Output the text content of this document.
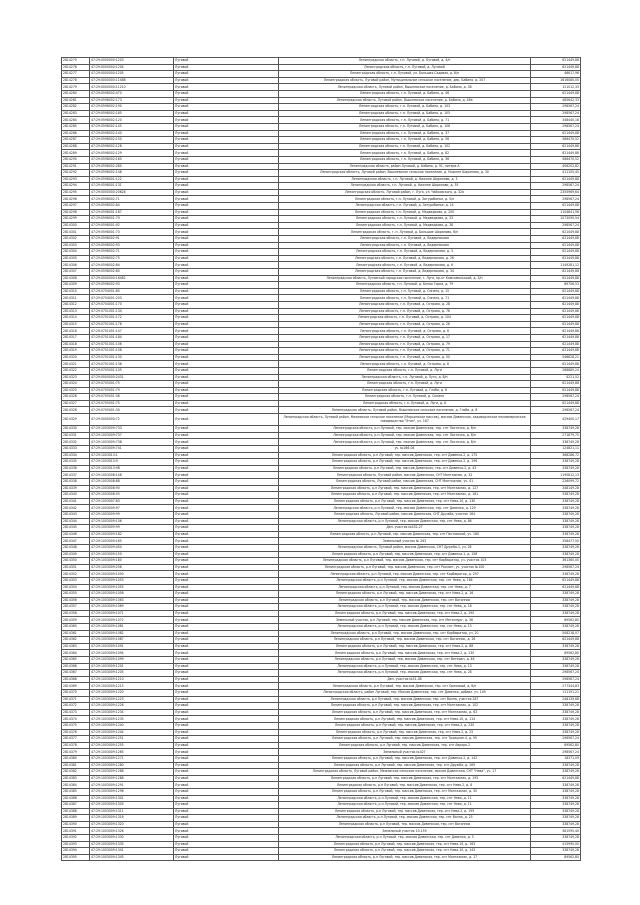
2814275	47:29:0000000:1203	Луговой	Ленинградская область, г.п. Луговой, д. Луговой, д. 4/н	621449,88
2814276	47:29:0000000:1204	Луговой	Ленинградская область, г.п. Луговой, д. Луговой	621449,88
2814277	47:29:0000000:1205	Луговой	Ленинградская область, г.п. Луговой, ул. Большая Садовая, д. б/н	46617,96
2814278	47:29:0000000:11488	Луговой	Ленинградская область, Луговой район, Муниципальное сельское поселение, дер. Бабино, д. 207	1616080,00
2814279	47:29:0000000:11210	Луговой	Ленинградская область, Луговой район, Вышневское поселение, д. Бабино, д. 38	121012,33
2814280	47:29:0598002:470	Луговой	Ленинградская область, г.п. Луговой, д. Бабино, д. 46	621449,88
2814281	47:29:0598002:173	Луговой	Ленинградская область, Луговой район, Вышневское поселение, д. Бабино, д. 48а	485642,33
2814282	47:29:0598002:190	Луговой	Ленинградская область, г.п. Луговой, д. Бабино, д. 103	298567,24
2814283	47:29:0598002:185	Луговой	Ленинградская область, г.п. Луговой, д. Бабино, д. 105	298567,24
2814284	47:29:0598002:120	Луговой	Ленинградская область, г.п. Луговой, д. Бабино, д. 71	348440,18
2814285	47:29:0598002:145	Луговой	Ленинградская область, г.п. Луговой, д. Бабино, д. 106	298567,24
2814286	47:29:0598002:140	Луговой	Ленинградская область, г.п. Луговой, д. Бабино, д. 37	621449,88
2814287	47:29:0598002:150	Луговой	Ленинградская область, г.п. Луговой, д. Бабино, д. 56	586470,52
2814288	47:29:0598002:128	Луговой	Ленинградская область, г.п. Луговой, д. Бабино, д. 102	621449,88
2814289	47:29:0598002:129	Луговой	Ленинградская область, г.п. Луговой, д. Бабино, д. 82	621449,88
2814290	47:29:0598002:165	Луговой	Ленинградская область, г.п. Луговой, д. Бабино, д. 36	586470,52
2814291	47:29:0598002:280	Луговой	Ленинградская область, район Луговой, д. Бабино, д. 91, литера А	406202,82
2814292	47:29:0598002:146	Луговой	Ленинградская область, Луговой район, Вышневское сельское поселение, д. Нижнее Шарапово, д. 30	411105,45
2814293	47:29:0598001:122	Луговой	Ленинградская область, г.п. Луговой, д. Нижнее Шарапово, д. 3	621449,88
2814294	47:29:0598001:131	Луговой	Ленинградская область, г.п. Луговой, д. Нижнее Шарапово, д. 35	298567,24
2814295	47:29:0000000:20628	Луговой	Ленинградская область, Луговой район, г. Луга, ул. Чайковского, д. 32а	2355969,64
2814296	47:29:0598002:71	Луговой	Ленинградская область, г.п. Луговой, д. Затуробинье, д. 5/н	298567,24
2814297	47:29:0598002:84	Луговой	Ленинградская область, г.п. Луговой, д. Затуробинье, д. 14	621449,88
2814298	47:29:0598001:187	Луговой	Ленинградская область, г.п. Луговой, д. Медведково, д. 200	1104841,96
2814299	47:29:0598001:79	Луговой	Ленинградская область, г.п. Луговой, д. Медведково, д. 23	1073090,54
2814300	47:29:0598001:92	Луговой	Ленинградская область, г.п. Луговой, д. Медведково, д. 38	298567,24
2814301	47:29:0598001:73	Луговой	Ленинградская область, г. п. Луговой, д. Большие Шарапово, б/н	621449,88
2814302	47:29:0598002:91	Луговой	Ленинградская область, г.п. Луговой, д. Ведерникова	621449,88
2814303	47:29:0598002:93	Луговой	Ленинградская область, г.п. Луговой, д. Ведерникова	621449,88
2814304	47:29:0598002:71	Луговой	Ленинградская область, г.п. Луговой, д. Ведерникова, д. 3	621449,88
2814305	47:29:0598002:75	Луговой	Ленинградская область, г.п. Луговой, д. Ведерникова, д. 26	621449,88
2814306	47:29:0598002:84	Луговой	Ленинградская область, г.п. Луговой, д. Ведерникова, д. 6	1149281,12
2814307	47:29:0598002:80	Луговой	Ленинградская область, г.п. Луговой, д. Ведерникова, д. 34	621449,88
2814308	47:29:0000000:16482	Луговой	Ленинградская область, Луговской городское поселение, г. Луга, пр-кт Комсомольский, д. 3/н	621449,88
2814309	47:29:0598002:93	Луговой	Ленинградская область, г.п. Луговой, д. Белая Горка, д. 79	89756,53
2814310	47:29:0704001:85	Луговой	Ленинградская область, г.п. Луговой, д. Олгино, д. 15	621449,88
2814311	47:29:0704001:203	Луговой	Ленинградская область, г.п. Луговой, д. Олгино, д. 71	621449,88
2814312	47:29:0704001:170	Луговой	Ленинградская область, г.п. Луговой, д. Острово, д. 28	621449,88
2814313	47:29:0701001:134	Луговой	Ленинградская область, г.п. Луговой, д. Острово, д. 76	621449,88
2814314	47:29:0701001:172	Луговой	Ленинградская область, г.п. Луговой, д. Острово, д. 104	621449,88
2814315	47:29:0701001:176	Луговой	Ленинградская область, г.п. Луговой, д. Острово, д. 26	621449,88
2814316	47:29:0701001:147	Луговой	Ленинградская область, г.п. Луговой, д. Острово, д. 6	621449,88
2814317	47:29:0701001:184	Луговой	Ленинградская область, г.п. Луговой, д. Острово, д. 17	621449,88
2814318	47:29:0701001:106	Луговой	Ленинградская область, г.п. Луговой, д. Острово, д. 79	621449,88
2814319	47:29:0701001:158	Луговой	Ленинградская область, г.п. Луговой, д. Острово, д. 71	621449,88
2814320	47:29:0701001:130	Луговой	Ленинградская область, г.п. Луговой, д. Острово, д. 50	546628,21
2814321	47:29:0701001:136	Луговой	Ленинградская область, г.п. Луговой, д. Острово, д. 8	621449,88
2814322	47:29:0705001:105	Луговой	Ленинградская область, г.п. Луговой, д. Луги	288889,24
2814323	47:29:0000000:2431	Луговой	Ленинградская область, г.п. Луговой, д. Луги, д. б/н	4221,52
2814324	47:29:0705001:75	Луговой	Ленинградская область, г.п. Луговой, д. Луги	621449,88
2814325	47:29:0705001:79	Луговой	Ленинградская область, г.п. Луговой, д. Глоби, д. 6	621449,88
2814326	47:29:0705001:36	Луговой	Ленинградская область, г.п. Луговой, д. Сонино	298567,24
2814327	47:29:0705001:75	Луговой	Ленинградская область, г.п. Луговой, д. Луги, д. 8	621449,88
2814328	47:29:0705001:30	Луговой	Ленинградская область, Луговой район, Вышневское сельское поселение, д. Глоби, д. 8	298567,24
2814329	47:29:0000000:72	Луговой	Ленинградская область, Луговой район, Межевское сельское поселение (Марьинское массив), массив Дивенская, садоводческое некоммерческое товарищество "Этап", уч. 187	429400,17
2814330	47:29:1003009:733	Луговой	Ленинградская область, р-н Луговой, тер. массив Дивенская, тер. снт Ласточка, д. б/н	338749,28
2814331	47:29:1003009:737	Луговой	Ленинградская область, р-н Луговой, тер. массив Дивенская, тер. снт Ласточка, д. б/н	271879,75
2814332	47:29:1003009:738	Луговой	Ленинградская область, р-н Луговой, тер. массив Дивенская, тер. снт Ласточка, д. б/н	338749,28
2814333	47:29:1003009:741	Луговой	уч. №166-04	124821,11
2814334	47:29:1003013:1	Луговой	Ленинградская область, р-н Луговой, тер. массив Дивенская, тер. снт Дивенка-2, д. 175	368286,72
2814335	47:29:1003013:9	Луговой	Ленинградская область, р-н Луговой, тер. массив Дивенская, тер. снт Дивенка-2, д. 196	338749,28
2814336	47:29:1003013:98	Луговой	Ленинградская область, р-н Луговой, тер. массив Дивенская, тер. снт Дивенка-2, д. 43	338749,28
2814337	47:29:1003008:148	Луговой	Ленинградская область, Луговой район, массив Дивенская, СНТ Монтажник, д. 32	1190812,13
2814338	47:29:1003008:88	Луговой	Ленинградская область, Луговой район, массив Дивенская, СНТ Монтажник, уч. 41	226099,72
2814339	47:29:1003008:90	Луговой	Ленинградская область, р-н Луговой, тер. массив Дивенская, тер. снт Монтажник, д. 127	348149,28
2814340	47:29:1003008:55	Луговой	Ленинградская область, р-н Луговой, тер. массив Дивенская, тер. снт Монтажник, д. 161	338749,28
2814341	47:29:1003007:83	Луговой	Ленинградская область, р-н Луговой, тер. массив Дивенская, тер. снт Нева-10, д. 130	338749,28
2814342	47:29:1003009:97	Луговой	Ленинградская область, р-н Луговой, тер. массив Дивенская, тер. снт Дивенка, д. 129	338749,28
2814343	47:29:1003009:99	Луговой	Ленинградская область, Луговой район, массив Дивенская, СНТ Дружба, участок 164	338749,28
2814344	47:29:1003009:106	Луговой	Ленинградская область, р-н Луговой, тер. массив Дивенская, тер. снт Нева, д. 86	338749,28
2814345	47:29:1003009:99	Луговой	Ден. участок №432-27	338749,28
2814346	47:29:1003009:182	Луговой	Ленинградская область, р-н Луговой, тер. массив Дивенская, тер. снт Пестовский, уч. 180	338749,28
2814347	47:29:1003009:165	Луговой	Земельный участок № 263	358477,50
2814348	47:29:1003009:454	Луговой	Ленинградская область, Луговой район, массив Дивенская, СНТ Дружба-1, уч. 28	338749,28
2814349	47:29:1003009:150	Луговой	Ленинградская область, р-н Луговой, тер. массив Дивенская, тер. снт Дивенка-1, д. 158	338749,28
2814350	47:29:1003009:180	Луговой	Ленинградская область, р-н Луговой, тер. массив Дивенская, тер. снт Карбюратор, уч. участок 103	361360,00
2814351	47:29:1003009:208	Луговой	Ленинградская область, р-н Луговой, тер. массив Дивенская, тер. снт Рассвет, уч. участок №100	298567,24
2814352	47:29:1003009:1050	Луговой	Ленинградская область, р-н Луговой, тер. массив Дивенская, тер. снт Карбюратор, д. 297	338749,28
2814353	47:29:1003009:1053	Луговой	Ленинградская область, р-н Луговой, тер. массив Дивенская, тер. снт Нева, д. 184	621449,88
2814354	47:29:1003009:1055	Луговой	Ленинградская область, р-н Луговой, тер. массив Дивенская, тер. снт Нева, д. 7	621449,88
2814355	47:29:1003009:1058	Луговой	Ленинградская область, р-н Луговой, тер. массив Дивенская, тер. снт Нева-2, д. 16	338749,28
2814356	47:29:1003009:1063	Луговой	Ленинградская область, р-н Луговой, тер. массив Дивенская, тер. снт Вагонник	338749,28
2814357	47:29:1003009:1069	Луговой	Ленинградская область, р-н Луговой, тер. массив Дивенская, тер. снт Нева, д. 18	338749,28
2814358	47:29:1003009:1071	Луговой	Ленинградская область, р-н Луговой, тер. массив Дивенская, тер. снт Нева-2, д. 190	338749,28
2814359	47:29:1003009:1072	Луговой	Земельный участок, р-н Луговой, тер. массив Дивенская, тер. снт Металлург, д. 36	89562,80
2814360	47:29:1003009:1081	Луговой	Ленинградская область, р-н Луговой, тер. массив Дивенская, тер. снт Нева, д. 13	338749,28
2814361	47:29:1003009:1082	Луговой	Ленинградская область, р-н Луговой, тер. массив Дивенская, тер. снт Карбюратор, уч. 20	508218,07
2814362	47:29:1003009:1087	Луговой	Ленинградская область, р-н Луговой, тер. массив Дивенская, тер. снт Вагонник, д. 26	621449,88
2814363	47:29:1003009:1091	Луговой	Ленинградская область, р-н Луговой, тер. массив Дивенская, тер. снт Нева-2, д. 88	338749,28
2814364	47:29:1003009:1094	Луговой	Ленинградская область, р-н Луговой, тер. массив Дивенская, тер. снт Нева-2, д. 130	89562,80
2814365	47:29:1003009:1099	Луговой	Ленинградская область, р-н Луговой, тер. массив Дивенская, тер. снт Ветеран, д. 46	338749,28
2814366	47:29:1003009:1201	Луговой	Ленинградская область, р-н Луговой, тер. массив Дивенская, тер. снт Нева, д. 13	338749,28
2814367	47:29:1003009:1205	Луговой	Ленинградская область, р-н Луговой, тер. массив Дивенская, тер. снт Нева, д. 28	298567,24
2814368	47:29:1003009:1210	Луговой	Ден. участок №51-08	298567,24
2814369	47:29:1003009:1215	Луговой	Ленинградская область, р-н Луговой, тер. массив Дивенская, тер. снт Ореховый, д. б/н	277344,83
2814370	47:29:1003009:1220	Луговой	Ленинградская область, район Луговой, тер. Массив Дивенская, тер. снт Дивенка, добавл. уч. 149	111191,21
2814371	47:29:1003009:1223	Луговой	Ленинградская область, р-н Луговой, тер. массив Дивенская, тер. снт Волна, участок 287	248139,88
2814372	47:29:1003009:1226	Луговой	Ленинградская область, р-н Луговой, тер. массив Дивенская, тер. снт Монтажник, д. 102	338749,28
2814373	47:29:1003009:1234	Луговой	Ленинградская область, р-н Луговой, тер. массив Дивенская, тер. снт Монтажник, д. 63	338749,28
2814374	47:29:1003009:1235	Луговой	Ленинградская область, р-н Луговой, тер. массив Дивенская, тер. снт Нева-10, д. 114	338749,28
2814375	47:29:1003009:1240	Луговой	Ленинградская область, р-н Луговой, тер. массив Дивенская, тер. снт Нева-2, д. 230	338749,28
2814376	47:29:1003009:1244	Луговой	Ленинградская область, р-н Луговой, тер. массив Дивенская, тер. снт Нева-2, д. 25	338749,28
2814377	47:29:1003009:1251	Луговой	Ленинградская область, р-н Луговой, тер. массив Дивенская, тер. снт Троицкое-4, д. 95	298567,24
2814378	47:29:1003009:1255	Луговой	Ленинградская область, р-н Луговой, тер. массив Дивенская, тер. снт Аврора-2	89562,80
2814379	47:29:1003009:1265	Луговой	Земельный участок №427	298567,24
2814380	47:29:1003009:1271	Луговой	Ленинградская область, р-н Луговой, тер. массив Дивенская, тер. снт Дивенка-2, д. 142	18371,09
2814381	47:29:1003009:1280	Луговой	Ленинградская область, р-н Луговой, тер. массив Дивенская, тер. снт Дружба, д. 169	338749,28
2814382	47:29:1003009:1286	Луговой	Ленинградская область, Луговой район, Межевское сельское поселение, массив Дивенская, СНТ "Нева", уч. 17	338749,28
2814383	47:29:1003009:1288	Луговой	Ленинградская область, р-н Луговой, тер. массив Дивенская, тер. снт Монтажник, д. 193	621449,88
2814384	47:29:1003009:1291	Луговой	Ленинградская область, р-н Луговой, тер. массив Дивенская, тер. снт Нева-2, д. 8	338749,28
2814385	47:29:1003009:1296	Луговой	Ленинградская область, р-н Луговой, тер. массив Дивенская, тер. снт Монтажник, д. 50	338749,28
2814386	47:29:1003009:1301	Луговой	Ленинградская область, р-н Луговой, тер. массив Дивенская, тер. снт Нева, д. 11	338749,28
2814387	47:29:1003009:1305	Луговой	Ленинградская область, р-н Луговой, тер. массив Дивенская, тер. снт Нева, д. 11	338749,28
2814388	47:29:1003009:1311	Луговой	Ленинградская область, р-н Луговой, тер. массив Дивенская, тер. снт Нева-2, д. 199	338749,28
2814389	47:29:1003009:1316	Луговой	Ленинградская область, р-н Луговой, тер. массив Дивенская, тер. снт Волна, д. 25	338749,28
2814390	47:29:1003009:1320	Луговой	Ленинградская область, р-н Луговой, тер. массив Дивенская, тер. снт Вагонник	338749,28
2814391	47:29:1003009:1326	Луговой	Земельный участок 10-159	581595,40
2814392	47:29:1003009:1330	Луговой	Ленинградская область, р-н Луговой, тер. массив Дивенская, тер. снт Дивенка, д. 3	338749,28
2814393	47:29:1003009:1335	Луговой	Ленинградская область, р-н Луговой, тер. массив Дивенская, тер. снт Нева-10, д. 163	415990,00
2814394	47:29:1003009:1341	Луговой	Ленинградская область, р-н Луговой, тер. массив Дивенская, тер. снт Нева-10, д. 143	338749,28
2814395	47:29:1003009:1345	Луговой	Ленинградская область, р-н Луговой, тер. массив Дивенская, тер. снт Монтажник, д. 17	89562,80
